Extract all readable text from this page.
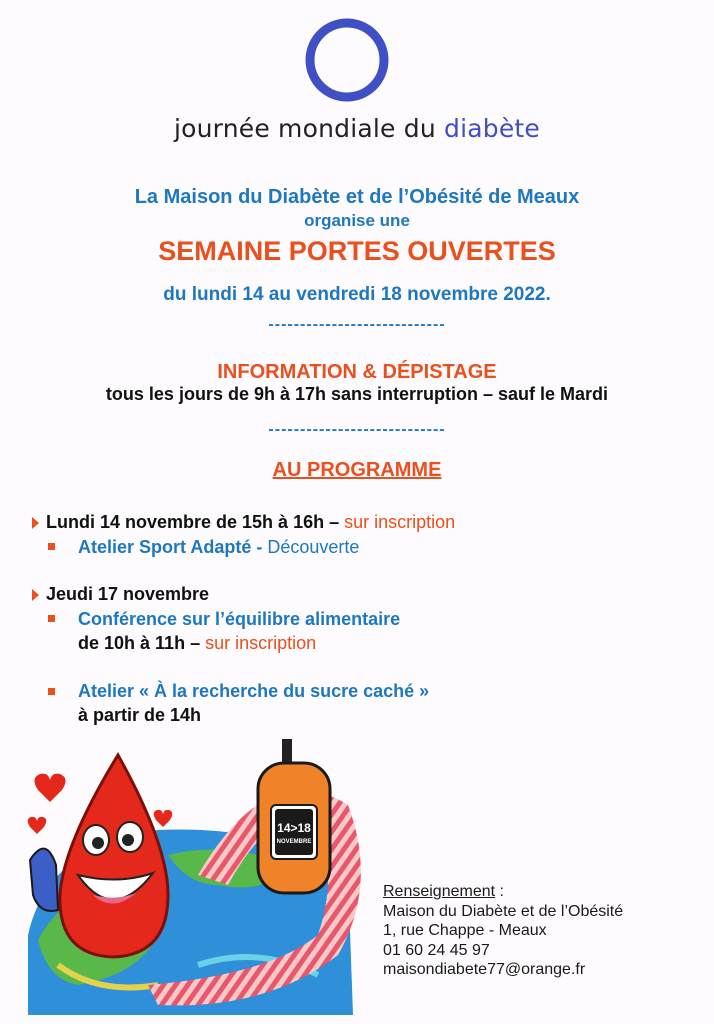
journée mondiale du diabète
La Maison du Diabète et de l’Obésité de Meaux
organise une
SEMAINE PORTES OUVERTES
du lundi 14 au vendredi 18 novembre 2022.
----------------------------
INFORMATION & DÉPISTAGE
tous les jours de 9h à 17h sans interruption – sauf le Mardi
----------------------------
AU PROGRAMME
Lundi 14 novembre de 15h à 16h – sur inscription
Atelier Sport Adapté - Découverte
Jeudi 17 novembre
Conférence sur l’équilibre alimentaire
de 10h à 11h – sur inscription
Atelier « À la recherche du sucre caché »
à partir de 14h
14>18
NOVEMBRE
Renseignement :
Maison du Diabète et de l’Obésité
1, rue Chappe - Meaux
01 60 24 45 97
maisondiabete77@orange.fr
